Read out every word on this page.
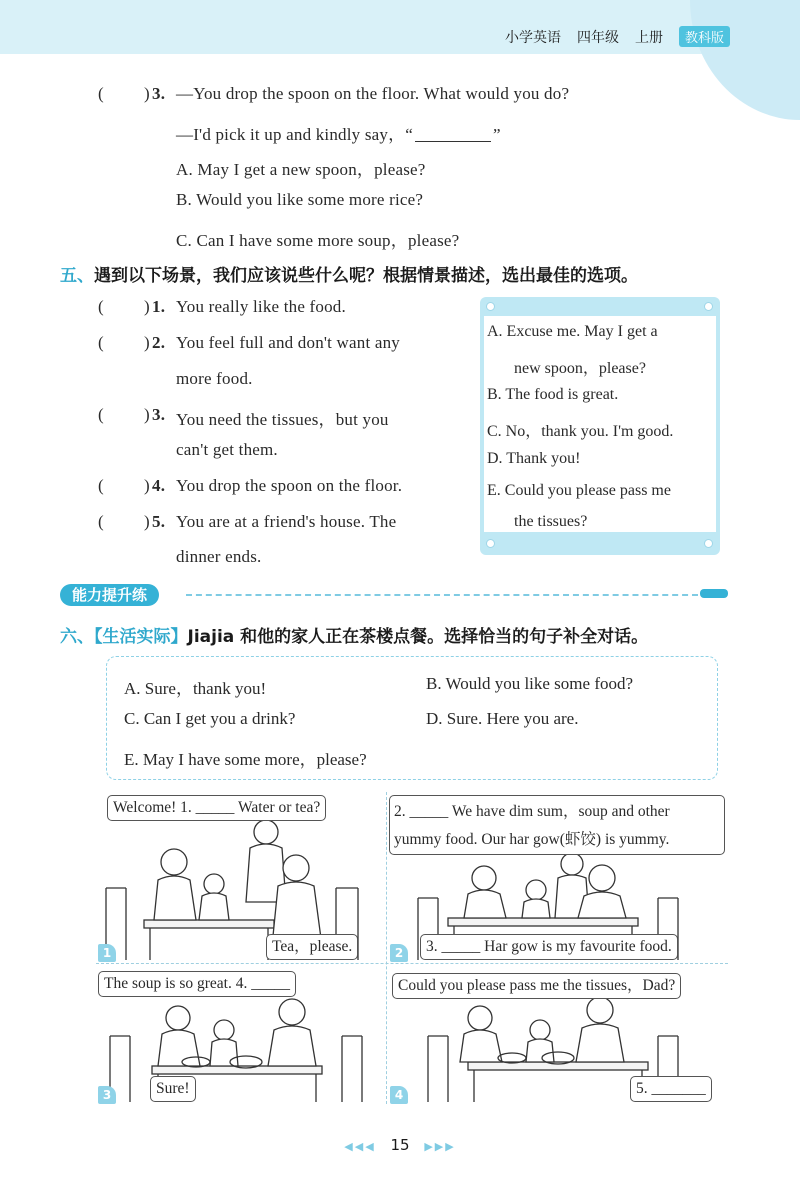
小学英语 四年级 上册	教科版
( ) 3. —You drop the spoon on the floor. What would you do?
—I'd pick it up and kindly say，“	”
A. May I get a new spoon，please?
B. Would you like some more rice?
C. Can I have some more soup，please?
五、遇到以下场景，我们应该说些什么呢？根据情景描述，选出最佳的选项。
( ) 1. You really like the food.
( ) 2. You feel full and don't want any
more food.
( ) 3. You need the tissues，but you
can't get them.
( ) 4. You drop the spoon on the floor.
( ) 5. You are at a friend's house. The
dinner ends.
A. Excuse me. May I get a
new spoon，please?
B. The food is great.
C. No，thank you. I'm good.
D. Thank you!
E. Could you please pass me
the tissues?
能力提升练
六、【生活实际】Jiajia 和他的家人正在茶楼点餐。选择恰当的句子补全对话。
A. Sure，thank you!	B. Would you like some food?
C. Can I get you a drink?	D. Sure. Here you are.
E. May I have some more，please?
1
Welcome! 1. _____ Water or tea?
Tea，please.	2
2. _____ We have dim sum，soup and other
yummy food. Our har gow(虾饺) is yummy.
3. _____ Har gow is my favourite food.
3
The soup is so great. 4. _____
Sure!	4
Could you please pass me the tissues，Dad?
5. _______
◀◀◀ 15 ▶▶▶
